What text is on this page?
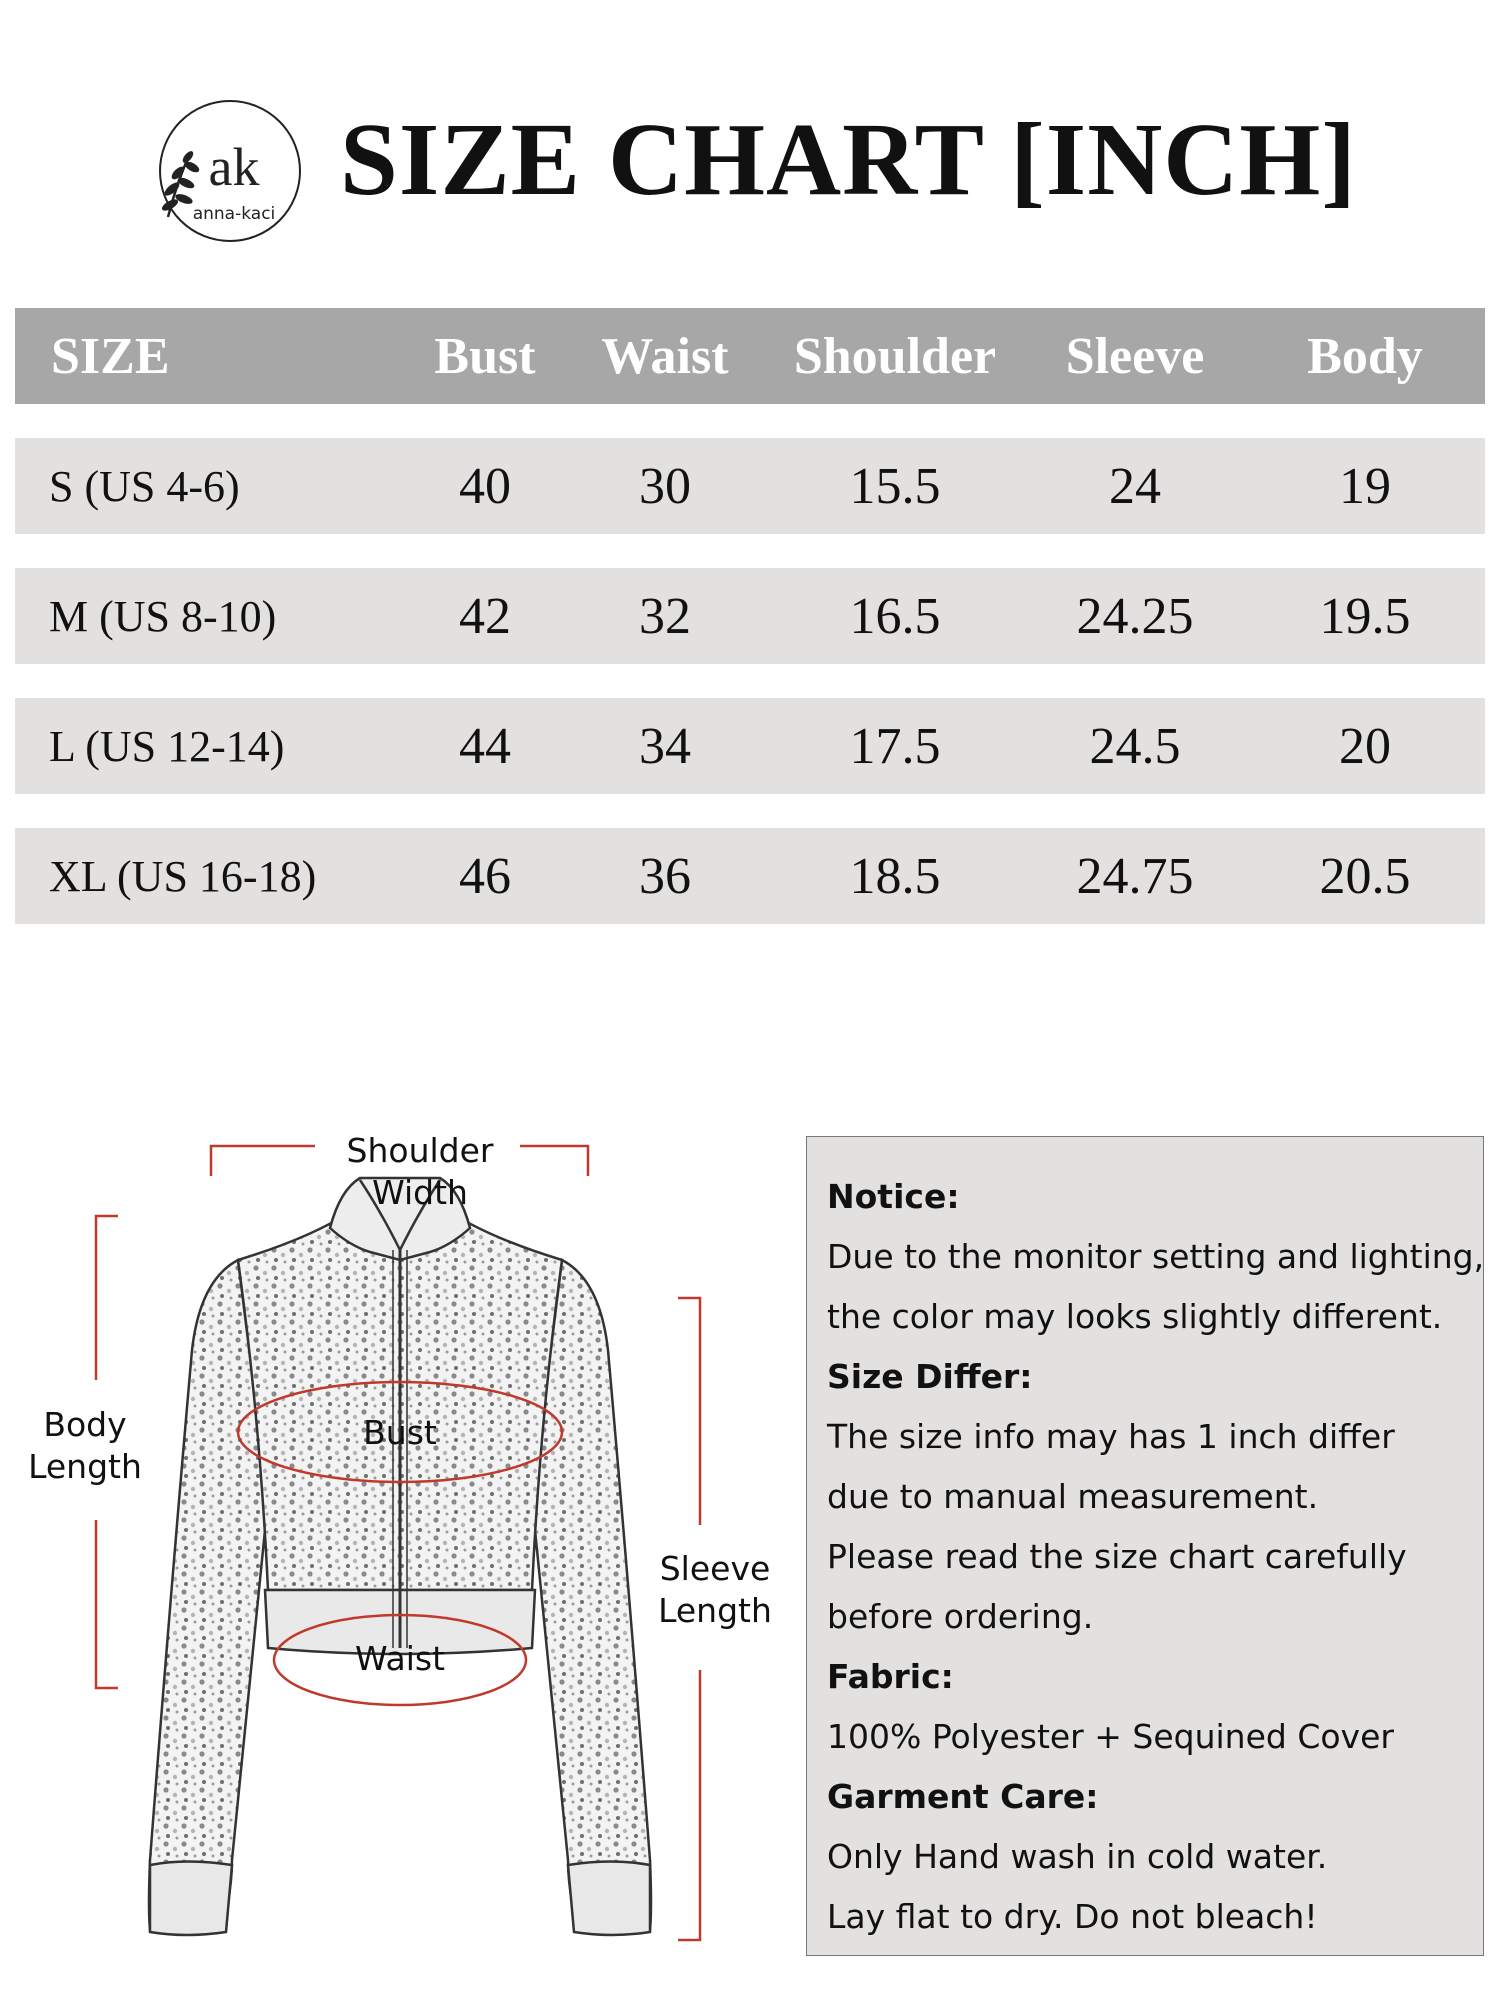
ak
anna-kaci SIZE CHART [INCH]
SIZE	Bust	Waist	Shoulder	Sleeve	Body
S (US 4-6)	40	30	15.5	24	19
M (US 8-10)	42	32	16.5	24.25	19.5
L (US 12-14)	44	34	17.5	24.5	20
XL (US 16-18)	46	36	18.5	24.75	20.5
Shoulder
Width
Body
Length
Sleeve
Length
Bust
Waist
Notice:
Due to the monitor setting and lighting,
the color may looks slightly different.
Size Differ:
The size info may has 1 inch differ
due to manual measurement.
Please read the size chart carefully
before ordering.
Fabric:
100% Polyester + Sequined Cover
Garment Care:
Only Hand wash in cold water.
Lay flat to dry. Do not bleach!
